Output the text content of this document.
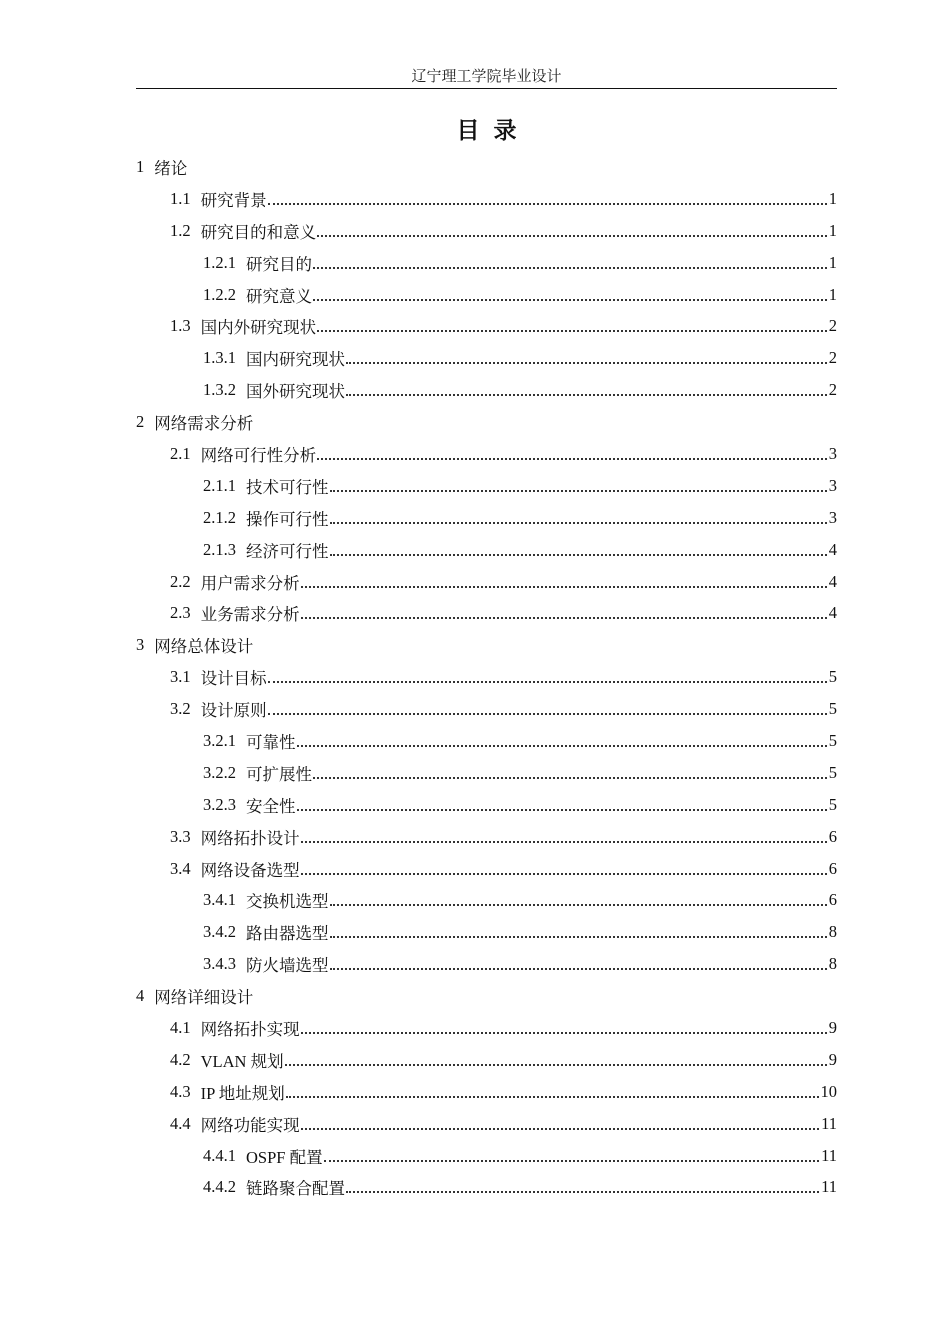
辽宁理工学院毕业设计
目录
1 绪论
1.1 研究背景	1
1.2 研究目的和意义	1
1.2.1 研究目的	1
1.2.2 研究意义	1
1.3 国内外研究现状	2
1.3.1 国内研究现状	2
1.3.2 国外研究现状	2
2 网络需求分析
2.1 网络可行性分析	3
2.1.1 技术可行性	3
2.1.2 操作可行性	3
2.1.3 经济可行性	4
2.2 用户需求分析	4
2.3 业务需求分析	4
3 网络总体设计
3.1 设计目标	5
3.2 设计原则	5
3.2.1 可靠性	5
3.2.2 可扩展性	5
3.2.3 安全性	5
3.3 网络拓扑设计	6
3.4 网络设备选型	6
3.4.1 交换机选型	6
3.4.2 路由器选型	8
3.4.3 防火墙选型	8
4 网络详细设计
4.1 网络拓扑实现	9
4.2 VLAN 规划	9
4.3 IP 地址规划	10
4.4 网络功能实现	11
4.4.1 OSPF 配置	11
4.4.2 链路聚合配置	11
